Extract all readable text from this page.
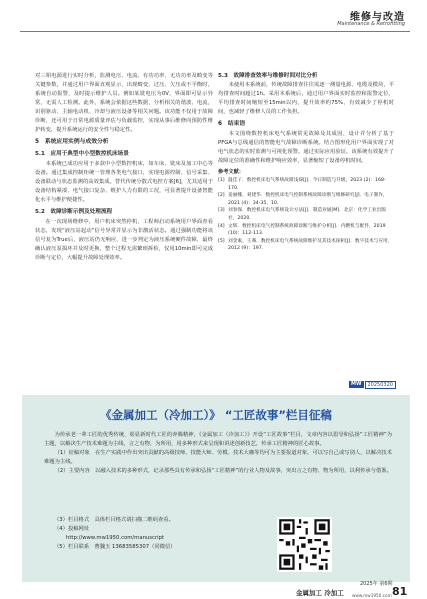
维修与改造
Maintenance & Retrofitting

对三相电源进行实时分析，监测电压、电流、有功功率、无功功率及畸变等关键参数，并通过用户界面直观显示，出现畸变、过压、欠压或不平衡时，系统自动报警，及时提示维护人员。例如某铣电压为0V，界面即可显示异常，无需人工检测。此外，系统会依据这些数据，分析相关的谐波、电流，识别驱动、主轴电动机、冷却与液压设备等相关问题。该功能不仅用于故障诊断，还可用于日常电源质量评估与负载监控，实现从事后维修向预防性维护转变，提升系统运行的安全性与稳定性。

5　系统应用实例与成效分析

5.1　应用于典型中小型数控机床场景

本系统已成功应用于多款中小型数控机床，如车床、铣床及加工中心等设备。通过集成控制柜统一管理各类电气接口，实现电源控制、信号采集、设备联动与状态监测的高效集成。替代传统分散式电控方案[6]，尤其适用于设备结构紧凑、电气接口复杂、维护人力有限的工况，可显著提升设备智能化水平与维护便捷性。

5.2　故障诊断示例及处理流程

在一次现场维修中，用户机床突然停机，工程师启动系统用户界面查看状态，发现“液压站起动”信号异常并显示为非激活状态。通过强制功能将该信号复为True后，液压站仍无响应，进一步判定为液压系统硬件故障，最终确认液压泵损坏并及时更换，整个过程无需繁琐拆检，仅用10min即可完成诊断与定位，大幅提升故障处理效率。

5.3　故障排查效率与维修时间对比分析

未使用本系统前，传统故障排查往往需逐一测量电源、电缆及模块，平均排查时间超过1h。采用本系统后，通过用户界面实时监控和报警定位，平均排查时间缩短至15min以内，提升效率约75%，有效减少了停机时间，也减轻了维修人员的工作负担。

6　结束语

本文围绕数控机床电气系统常见故障及其成因，设计并分析了基于PFGA与总线通信的智能电气故障诊断系统。结合图形化用户界面实现了对电气状态的实时监测与可视化预警。通过实际应用验证，该系统有效提升了故障定位的准确性和维护响应效率，显著缩短了设备停机时间。

参考文献：

[1] 温佳子．数控机床电气系统故障浅探[J]．今日制造与升级，2023 (2)：168-170.
[2] 姜丽娜，刘建华．数控机床电气控制系统故障诊断与维修研究[J]．电子制作，2021 (4)：34-35，10.
[3] 刘春保．数控机床电气系统设计方法[J]．制造业通[M]．北京：化学工业出版社，2020.
[4] 文辉．数控机床电气控制系统故障诊断与维护分析[J]．内燃机与配件，2019 (10)：112-113.
[5] 刘金素，王骞．数控机床电气系统故障维护及其技术探析[J]．数字技术与应用，2012 (9)：197.
MW	20250320
《金属加工（冷加工）》 “工匠故事”栏目征稿

为传承老一辈工匠的优秀传统，彰显新时代工匠的奔腾精神，《金属加工（冷加工）》开设“工匠故事”栏目，文章内容以倡导和弘扬“工匠精神”为主题，以解决生产技术难题为主线，言之有物，为所用，用多种形式来呈现和讲述创新技艺，传承工匠精神的匠心故事。

（1）征稿对象　在生产实践中作出突出贡献的高级技师、技能大师、劳模、技术大咖等均可为主要报道对象，可以写自己或写别人，以解决技术难题为主线。

（2）主要内容　以融入技术的多种形式，记录那些具有传承和弘扬“工匠精神”的行业人物及故事，突出言之有物、物为所用，以利传承与借鉴。

（3）栏目格式　具体栏目格式请扫描二维码查看。

（4）投稿网址

http://www.mw1950.com/manuscript

（5）栏目联系　曹魏玉 13683585307（同微信）

2025年 第6期
金属加工 冷加工 www.mw1950.com 81
